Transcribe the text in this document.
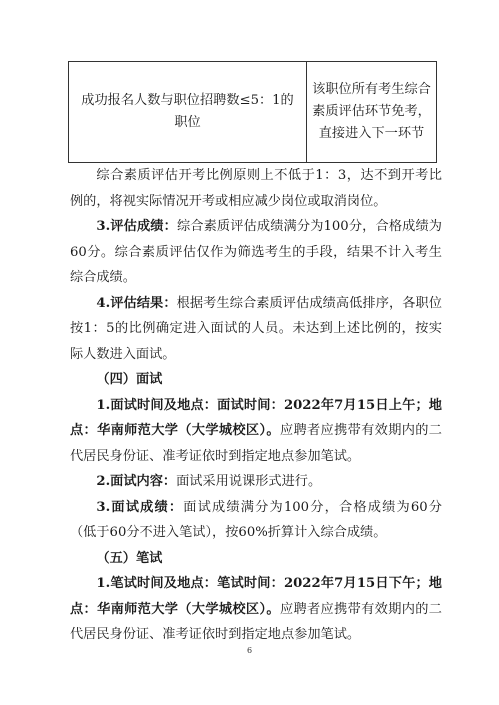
成功报名人数与职位招聘数≤5：1的职位
该职位所有考生综合素质评估环节免考，直接进入下一环节

综合素质评估开考比例原则上不低于1：3，达不到开考比例的，将视实际情况开考或相应减少岗位或取消岗位。

3.评估成绩：综合素质评估成绩满分为100分，合格成绩为60分。综合素质评估仅作为筛选考生的手段，结果不计入考生综合成绩。

4.评估结果：根据考生综合素质评估成绩高低排序，各职位按1：5的比例确定进入面试的人员。未达到上述比例的，按实际人数进入面试。

（四）面试

1.面试时间及地点：面试时间：2022年7月15日上午；地点：华南师范大学（大学城校区）。应聘者应携带有效期内的二代居民身份证、准考证依时到指定地点参加笔试。

2.面试内容：面试采用说课形式进行。

3.面试成绩：面试成绩满分为100分，合格成绩为60分（低于60分不进入笔试），按60%折算计入综合成绩。

（五）笔试

1.笔试时间及地点：笔试时间：2022年7月15日下午；地点：华南师范大学（大学城校区）。应聘者应携带有效期内的二代居民身份证、准考证依时到指定地点参加笔试。

6
